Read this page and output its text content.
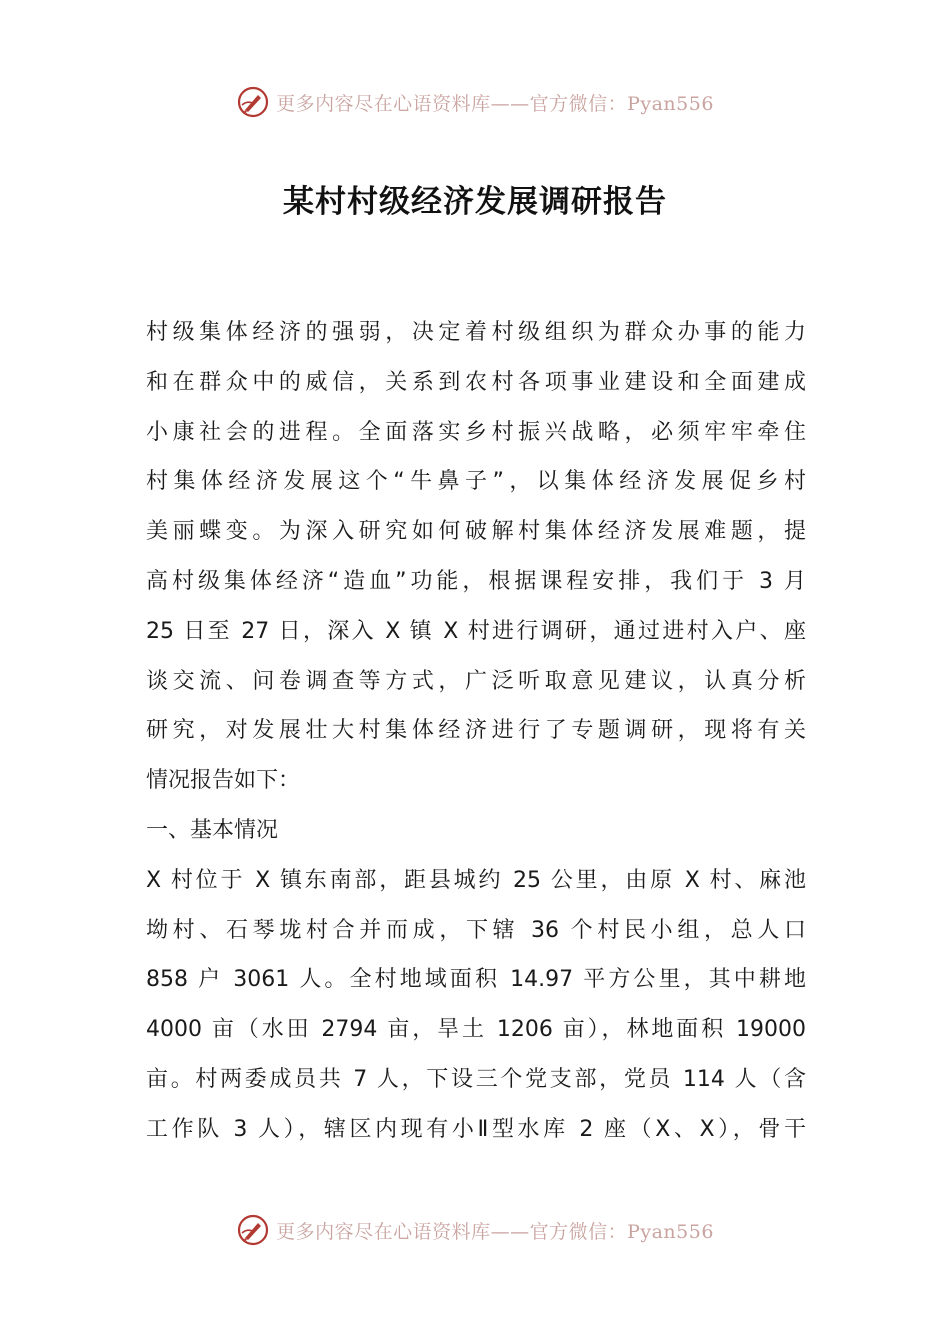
更多内容尽在心语资料库——官方微信：Pyan556
某村村级经济发展调研报告
村级集体经济的强弱，决定着村级组织为群众办事的能力
和在群众中的威信，关系到农村各项事业建设和全面建成
小康社会的进程。全面落实乡村振兴战略，必须牢牢牵住
村集体经济发展这个“牛鼻子”，以集体经济发展促乡村
美丽蝶变。为深入研究如何破解村集体经济发展难题，提
高村级集体经济“造血”功能，根据课程安排，我们于 3 月
25 日至 27 日，深入 X 镇 X 村进行调研，通过进村入户、座
谈交流、问卷调查等方式，广泛听取意见建议，认真分析
研究，对发展壮大村集体经济进行了专题调研，现将有关
情况报告如下：
一、基本情况
X 村位于 X 镇东南部，距县城约 25 公里，由原 X 村、麻池
坳村、石琴垅村合并而成，下辖 36 个村民小组，总人口
858 户 3061 人。全村地域面积 14.97 平方公里，其中耕地
4000 亩（水田 2794 亩，旱土 1206 亩），林地面积 19000
亩。村两委成员共 7 人，下设三个党支部，党员 114 人（含
工作队 3 人），辖区内现有小Ⅱ型水库 2 座（X、X），骨干
更多内容尽在心语资料库——官方微信：Pyan556
